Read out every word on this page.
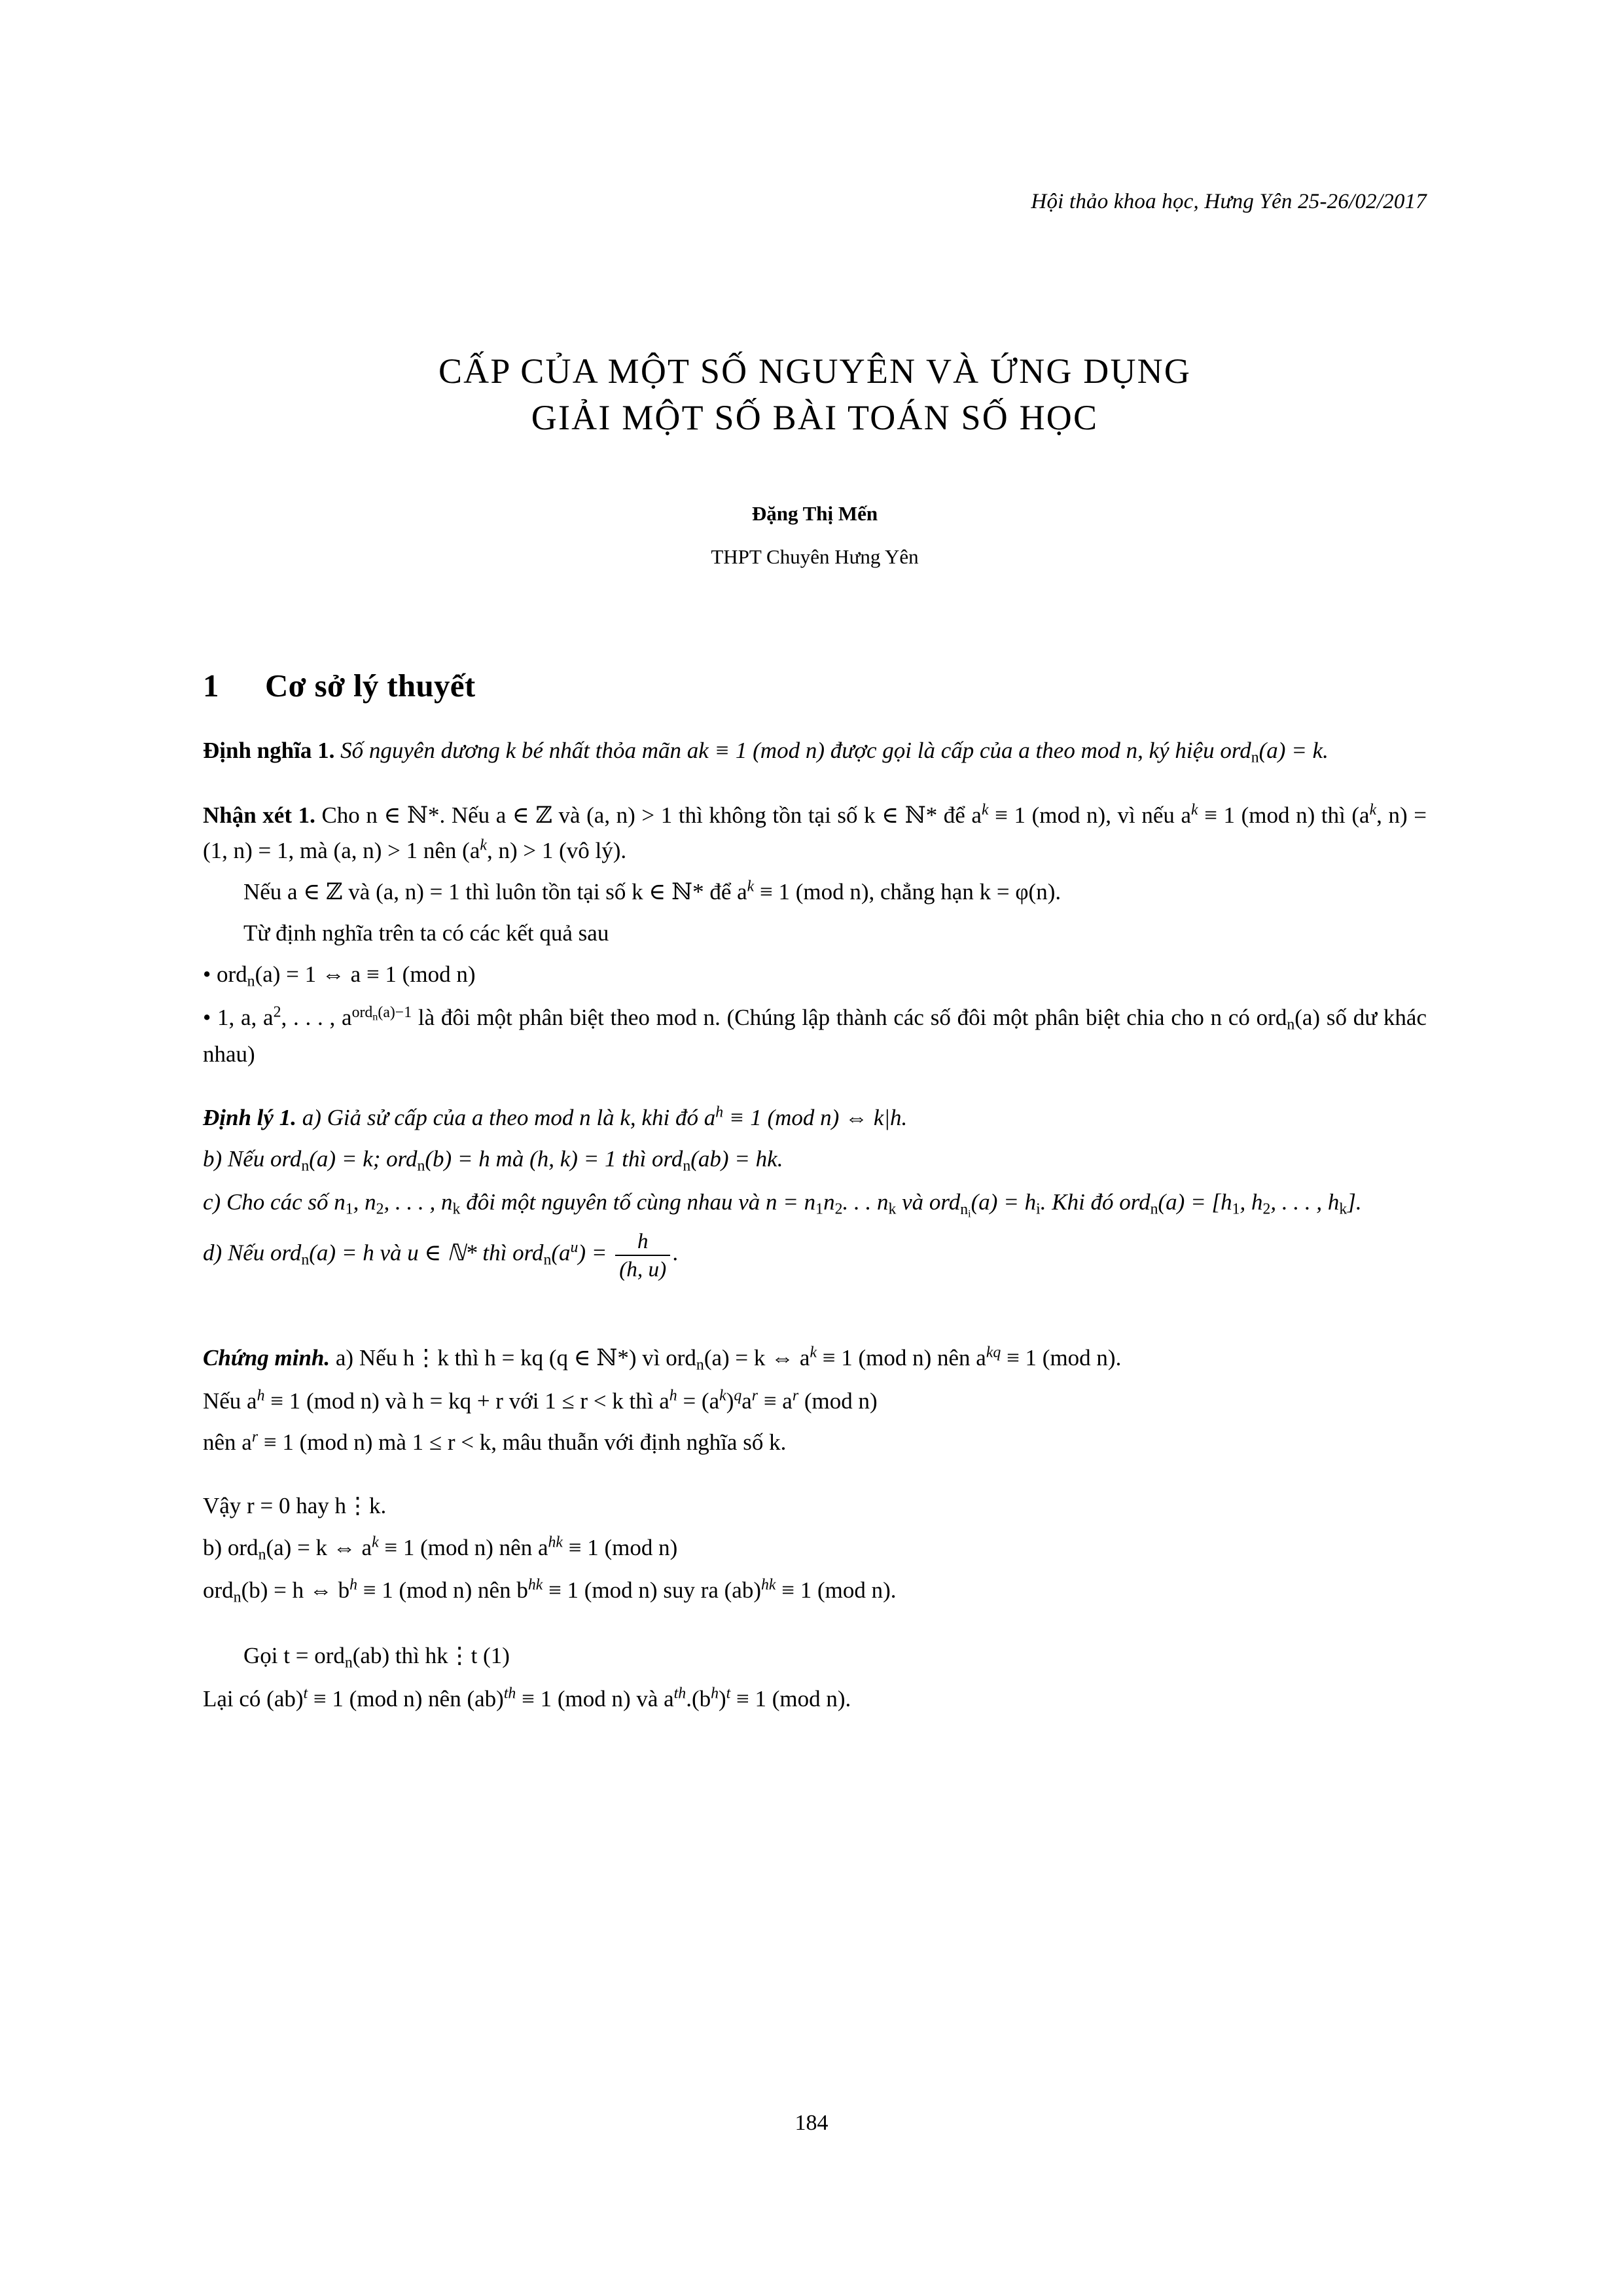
Hội thảo khoa học, Hưng Yên 25-26/02/2017
CẤP CỦA MỘT SỐ NGUYÊN VÀ ỨNG DỤNG
GIẢI MỘT SỐ BÀI TOÁN SỐ HỌC
Đặng Thị Mến
THPT Chuyên Hưng Yên
1 Cơ sở lý thuyết
Định nghĩa 1. Số nguyên dương k bé nhất thỏa mãn ak ≡ 1 (mod n) được gọi là cấp của a theo mod n, ký hiệu ord$_n$(a) = k.
Nhận xét 1. Cho n ∈ ℕ*. Nếu a ∈ ℤ và (a, n) > 1 thì không tồn tại số k ∈ ℕ* để $a^k \equiv 1$ (mod n), vì nếu $a^k \equiv 1$ (mod n) thì ($a^k$, n) = (1, n) = 1, mà (a, n) > 1 nên ($a^k$, n) > 1 (vô lý).
Nếu a ∈ ℤ và (a, n) = 1 thì luôn tồn tại số k ∈ ℕ* để $a^k \equiv 1$ (mod n), chẳng hạn k = φ(n).
Từ định nghĩa trên ta có các kết quả sau
• ord$_n$(a) = 1 ⇔ a ≡ 1 (mod n)
• 1, a, $a^2$, . . . , $a^{ord_n(a)-1}$ là đôi một phân biệt theo mod n. (Chúng lập thành các số đôi một phân biệt chia cho n có ord$_n$(a) số dư khác nhau)
Định lý 1. a) Giả sử cấp của a theo mod n là k, khi đó $a^h \equiv 1$ (mod n) ⇔ k|h.
b) Nếu ord$_n$(a) = k; ord$_n$(b) = h mà (h, k) = 1 thì ord$_n$(ab) = hk.
c) Cho các số $n_1$, $n_2$, . . . , $n_k$ đôi một nguyên tố cùng nhau và $n = n_1n_2$. . . $n_k$ và $ord_{n_i}(a) = h_i$. Khi đó $ord_n(a) = [h_1$, $h_2$, . . . , $h_k$].
d) Nếu ord$_n$(a) = h và u ∈ ℕ* thì $ord_n(a^u) = \frac{h}{(h, u)}$ .
Chứng minh. a) Nếu h⋮k thì h = kq (q ∈ ℕ*) vì ord$_n$(a) = k ⇔ $a^k \equiv 1$ (mod n) nên $a^{kq} \equiv 1$ (mod n).
Nếu $a^h \equiv 1$ (mod n) và h = kq + r với 1 ≤ r < k thì $a^h = (a^k)^qa^r \equiv a^r$ (mod n)
nên $a^r \equiv 1$ (mod n) mà 1 ≤ r < k, mâu thuẫn với định nghĩa số k.
Vậy r = 0 hay h⋮k.
b) ord$_n$(a) = k ⇔ $a^k \equiv 1$ (mod n) nên $a^{hk} \equiv 1$ (mod n)
ord$_n$(b) = h ⇔ $b^h \equiv 1$ (mod n) nên $b^{hk} \equiv 1$ (mod n) suy ra (ab)$^{hk}$ ≡ 1 (mod n).
Gọi t = ord$_n$(ab) thì hk⋮t (1)
Lại có (ab)$^t$ ≡ 1 (mod n) nên (ab)$^{th}$ ≡ 1 (mod n) và $a^{th}.(b^h)^t \equiv 1$ (mod n).
184
